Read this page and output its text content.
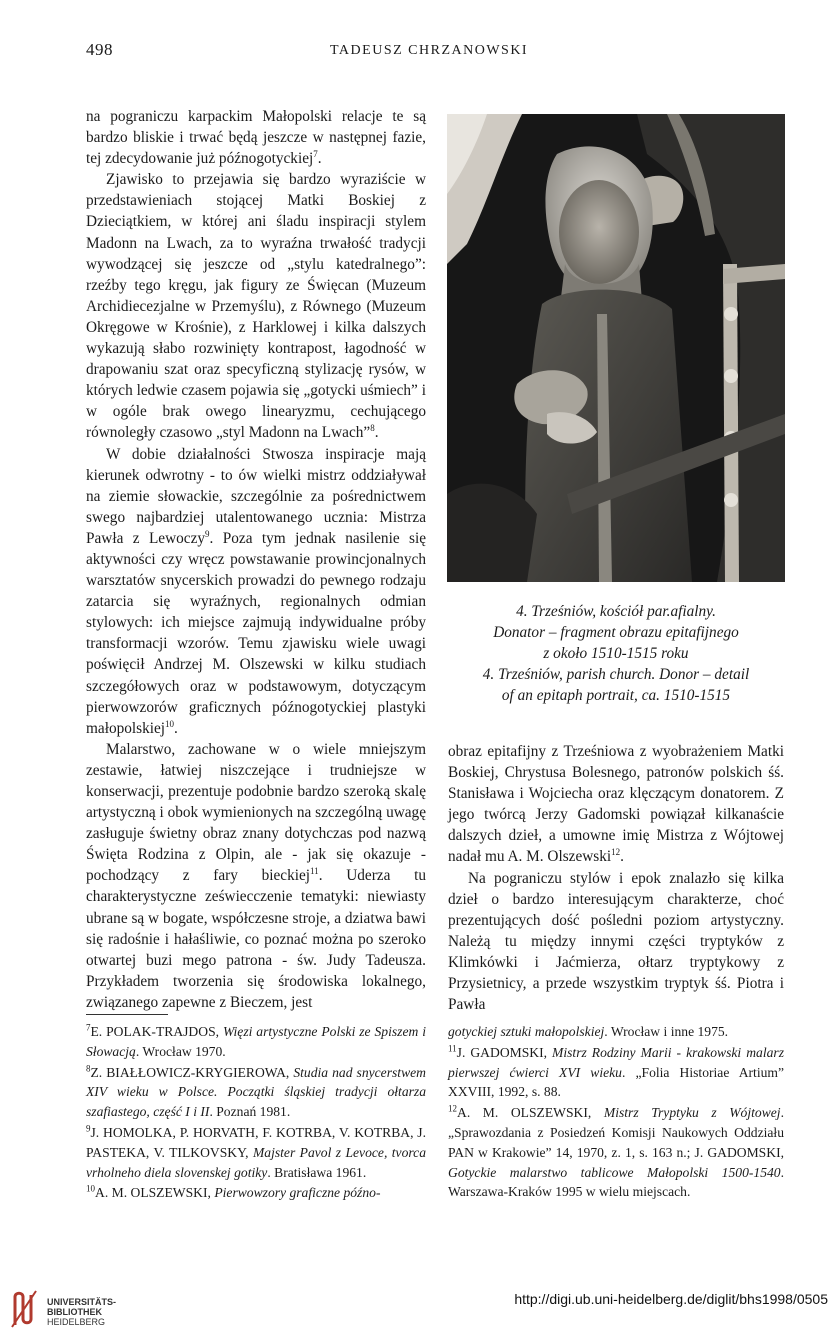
498	TADEUSZ CHRZANOWSKI

na pograniczu karpackim Małopolski relacje te są bardzo bliskie i trwać będą jeszcze w następnej fazie, tej zdecydowanie już późnogotyckiej$^7$.

Zjawisko to przejawia się bardzo wyraziście w przedstawieniach stojącej Matki Boskiej z Dzieciątkiem, w której ani śladu inspiracji stylem Madonn na Lwach, za to wyraźna trwałość tradycji wywodzącej się jeszcze od „stylu katedralnego”: rzeźby tego kręgu, jak figury ze Święcan (Muzeum Archidiecezjalne w Przemyślu), z Równego (Muzeum Okręgowe w Krośnie), z Harklowej i kilka dalszych wykazują słabo rozwinięty kontrapost, łagodność w drapowaniu szat oraz specyficzną stylizację rysów, w których ledwie czasem pojawia się „gotycki uśmiech” i w ogóle brak owego linearyzmu, cechującego równoległy czasowo „styl Madonn na Lwach”$^8$.

W dobie działalności Stwosza inspiracje mają kierunek odwrotny - to ów wielki mistrz oddziaływał na ziemie słowackie, szczególnie za pośrednictwem swego najbardziej utalentowanego ucznia: Mistrza Pawła z Lewoczy$^9$. Poza tym jednak nasilenie się aktywności czy wręcz powstawanie prowincjonalnych warsztatów snycerskich prowadzi do pewnego rodzaju zatarcia się wyraźnych, regionalnych odmian stylowych: ich miejsce zajmują indywidualne próby transformacji wzorów. Temu zjawisku wiele uwagi poświęcił Andrzej M. Olszewski w kilku studiach szczegółowych oraz w podstawowym, dotyczącym pierwowzorów graficznych późnogotyckiej plastyki małopolskiej$^{10}$.

Malarstwo, zachowane w o wiele mniejszym zestawie, łatwiej niszczejące i trudniejsze w konserwacji, prezentuje podobnie bardzo szeroką skalę artystyczną i obok wymienionych na szczególną uwagę zasługuje świetny obraz znany dotychczas pod nazwą Święta Rodzina z Olpin, ale - jak się okazuje - pochodzący z fary bieckiej$^{11}$. Uderza tu charakterystyczne zeświecczenie tematyki: niewiasty ubrane są w bogate, współczesne stroje, a dziatwa bawi się radośnie i hałaśliwie, co poznać można po szeroko otwartej buzi mego patrona - św. Judy Tadeusza. Przykładem tworzenia się środowiska lokalnego, związanego zapewne z Bieczem, jest

4. Trześniów, kościół par.afialny.
Donator – fragment obrazu epitafijnego
z około 1510-1515 roku
4. Trześniów, parish church. Donor – detail
of an epitaph portrait, ca. 1510-1515

obraz epitafijny z Trześniowa z wyobrażeniem Matki Boskiej, Chrystusa Bolesnego, patronów polskich śś. Stanisława i Wojciecha oraz klęczącym donatorem. Z jego twórcą Jerzy Gadomski powiązał kilkanaście dalszych dzieł, a umowne imię Mistrza z Wójtowej nadał mu A. M. Olszewski$^{12}$.

Na pograniczu stylów i epok znalazło się kilka dzieł o bardzo interesującym charakterze, choć prezentujących dość pośledni poziom artystyczny. Należą tu między innymi części tryptyków z Klimkówki i Jaćmierza, ołtarz tryptykowy z Przysietnicy, a przede wszystkim tryptyk śś. Piotra i Pawła

$^7$E. POLAK-TRAJDOS, Więzi artystyczne Polski ze Spiszem i Słowacją. Wrocław 1970.

$^8$Z. BIAŁŁOWICZ-KRYGIEROWA, Studia nad snycerstwem XIV wieku w Polsce. Początki śląskiej tradycji ołtarza szafiastego, część I i II. Poznań 1981.

$^9$J. HOMOLKA, P. HORVATH, F. KOTRBA, V. KOTRBA, J. PASTEKA, V. TILKOVSKY, Majster Pavol z Levoce, tvorca vrholneho diela slovenskej gotiky. Bratisława 1961.

$^{10}$A. M. OLSZEWSKI, Pierwowzory graficzne późno-

gotyckiej sztuki małopolskiej. Wrocław i inne 1975.

$^{11}$J. GADOMSKI, Mistrz Rodziny Marii - krakowski malarz pierwszej ćwierci XVI wieku. „Folia Historiae Artium” XXVIII, 1992, s. 88.

$^{12}$A. M. OLSZEWSKI, Mistrz Tryptyku z Wójtowej. „Sprawozdania z Posiedzeń Komisji Naukowych Oddziału PAN w Krakowie” 14, 1970, z. 1, s. 163 n.; J. GADOMSKI, Gotyckie malarstwo tablicowe Małopolski 1500-1540. Warszawa-Kraków 1995 w wielu miejscach.

UNIVERSITÄTS-
BIBLIOTHEK
HEIDELBERG
http://digi.ub.uni-heidelberg.de/diglit/bhs1998/0505
